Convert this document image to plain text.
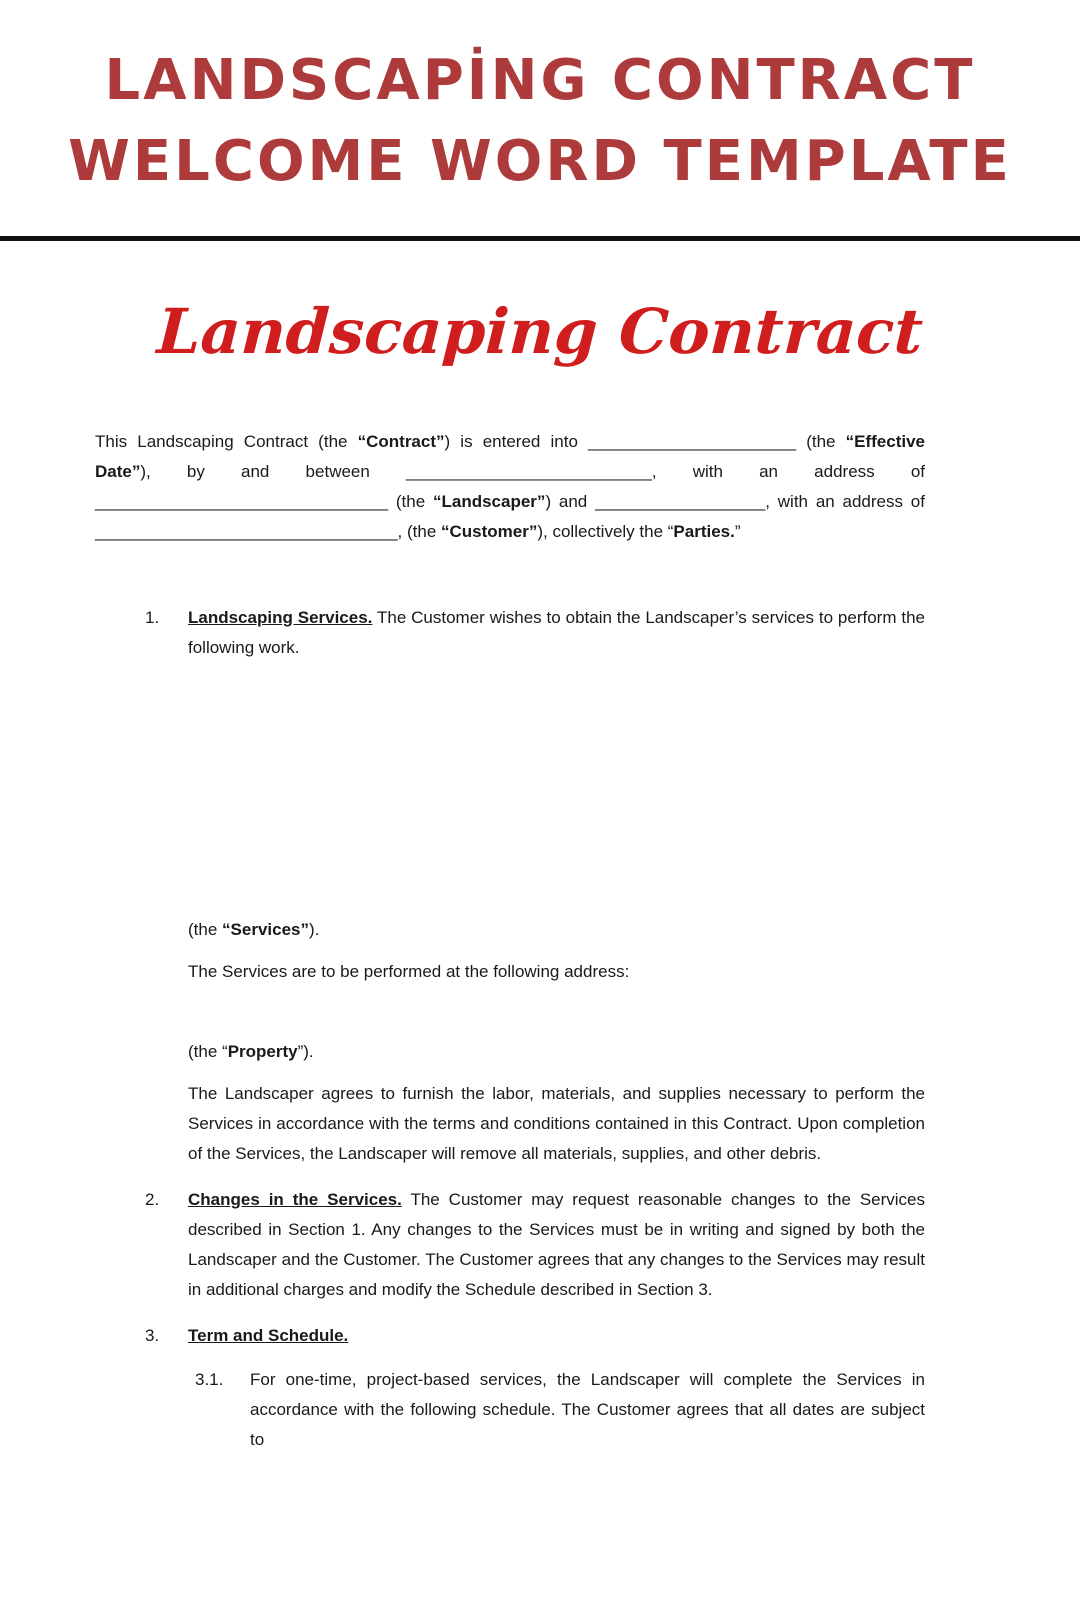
LANDSCAPİNG CONTRACT
WELCOME WORD TEMPLATE
Landscaping Contract

This Landscaping Contract (the “Contract”) is entered into ______________________ (the “Effective Date”), by and between __________________________, with an address of _______________________________ (the “Landscaper”) and __________________, with an address of ________________________________, (the “Customer”), collectively the “Parties.”

1.	Landscaping Services. The Customer wishes to obtain the Landscaper’s services to perform the following work.
(the “Services”).
The Services are to be performed at the following address:
(the “Property”).
The Landscaper agrees to furnish the labor, materials, and supplies necessary to perform the Services in accordance with the terms and conditions contained in this Contract. Upon completion of the Services, the Landscaper will remove all materials, supplies, and other debris.
2.	Changes in the Services. The Customer may request reasonable changes to the Services described in Section 1. Any changes to the Services must be in writing and signed by both the Landscaper and the Customer. The Customer agrees that any changes to the Services may result in additional charges and modify the Schedule described in Section 3.
3.	Term and Schedule.
3.1.	For one-time, project-based services, the Landscaper will complete the Services in accordance with the following schedule. The Customer agrees that all dates are subject to
